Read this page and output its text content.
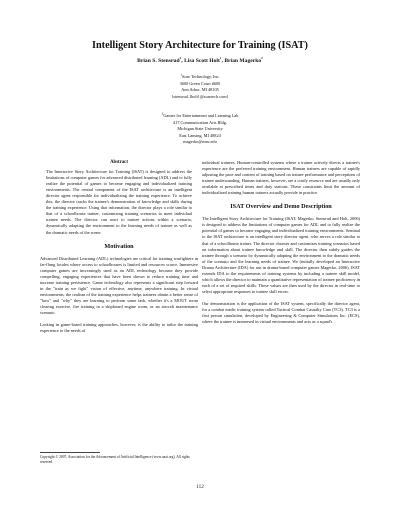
Intelligent Story Architecture for Training (ISAT)
Brian S. Stensrud$^1$, Lisa Scott Holt$^1$, Brian Magerko$^2$
$^1$Soar Technology, Inc.
3600 Green Court #600
Ann Arbor, MI 48105
{stensrud, lholt}@soartech.com}
$^2$Games for Entertainment and Learning Lab
417 Communication Arts Bldg.
Michigan State University
East Lansing, MI 48824
magerko@msu.edu
Abstract

The Interactive Story Architecture for Training (ISAT) is designed to address the limitations of computer games for advanced distributed learning (ADL) and to fully realize the potential of games to become engaging and individualized training environments. The central component of the ISAT architecture is an intelligent director agent responsible for individualizing the training experience. To achieve this, the director tracks the trainee's demonstration of knowledge and skills during the training experience. Using that information, the director plays a role similar to that of a schoolhouse trainer, customizing training scenarios to meet individual trainee needs. The director can react to trainee actions within a scenario, dynamically adapting the environment to the learning needs of trainee as well as the dramatic needs of the scene.

Motivation

Advanced Distributed Learning (ADL) technologies are critical for training warfighters in far-flung locales where access to schoolhouses is limited and resources scarce. Immersive computer games are increasingly used as an ADL technology because they provide compelling, engaging experiences that have been shown to reduce training time and increase training persistence. Game technology also represents a significant step forward in the "train as we fight" vision of effective, anytime, anywhere training. In virtual environments, the realism of the training experience helps trainees obtain a better sense of "how" and "why" they are learning to perform some task, whether it's a MOUT room clearing exercise, fire training in a shipboard engine room, or an aircraft maintenance scenario.

Lacking in game-based training approaches, however, is the ability to tailor the training experience to the needs of

Copyright © 2007, Association for the Advancement of Artificial Intelligence (www.aaai.org). All rights reserved.

individual trainees. Human-controlled systems where a trainer actively directs a trainee's experience are the preferred training environment. Human trainers are capable of rapidly adjusting the pace and content of training based on trainee performance and perceptions of trainee understanding. Human trainers, however, are a costly resource and are usually only available at prescribed times and duty stations. These constraints limit the amount of individualized training human trainers actually provide in practice.

ISAT Overview and Demo Description

The Intelligent Story Architecture for Training (ISAT; Magerko, Stensrud and Holt, 2006) is designed to address the limitations of computer games for ADL and to fully realize the potential of games to become engaging and individualized training environments. Seminal to the ISAT architecture is an intelligent story director agent, who serves a role similar to that of a schoolhouse trainer. The director chooses and customizes training scenarios based on information about trainee knowledge and skill. The director then subtly guides the trainee through a scenario by dynamically adapting the environment to the dramatic needs of the scenario and the learning needs of trainee. We (initially developed an Interactive Drama Architecture (IDA) for use in drama-based computer games Magerko, 2006). ISAT extends IDA to the requirements of training systems by including a trainee skill model, which allows the director to maintain a quantitative representation of trainee proficiency in each of a set of required skills. These values are then used by the director in real-time to select appropriate responses to trainee skill errors.

Our demonstration is the application of the ISAT system, specifically the director agent, for a combat medic training system called Tactical Combat Casualty Care (TC3). TC3 is a first person simulation, developed by Engineering & Computer Simulations Inc. (ECS), where the trainee is immersed in virtual environments and acts as a squad's

112
